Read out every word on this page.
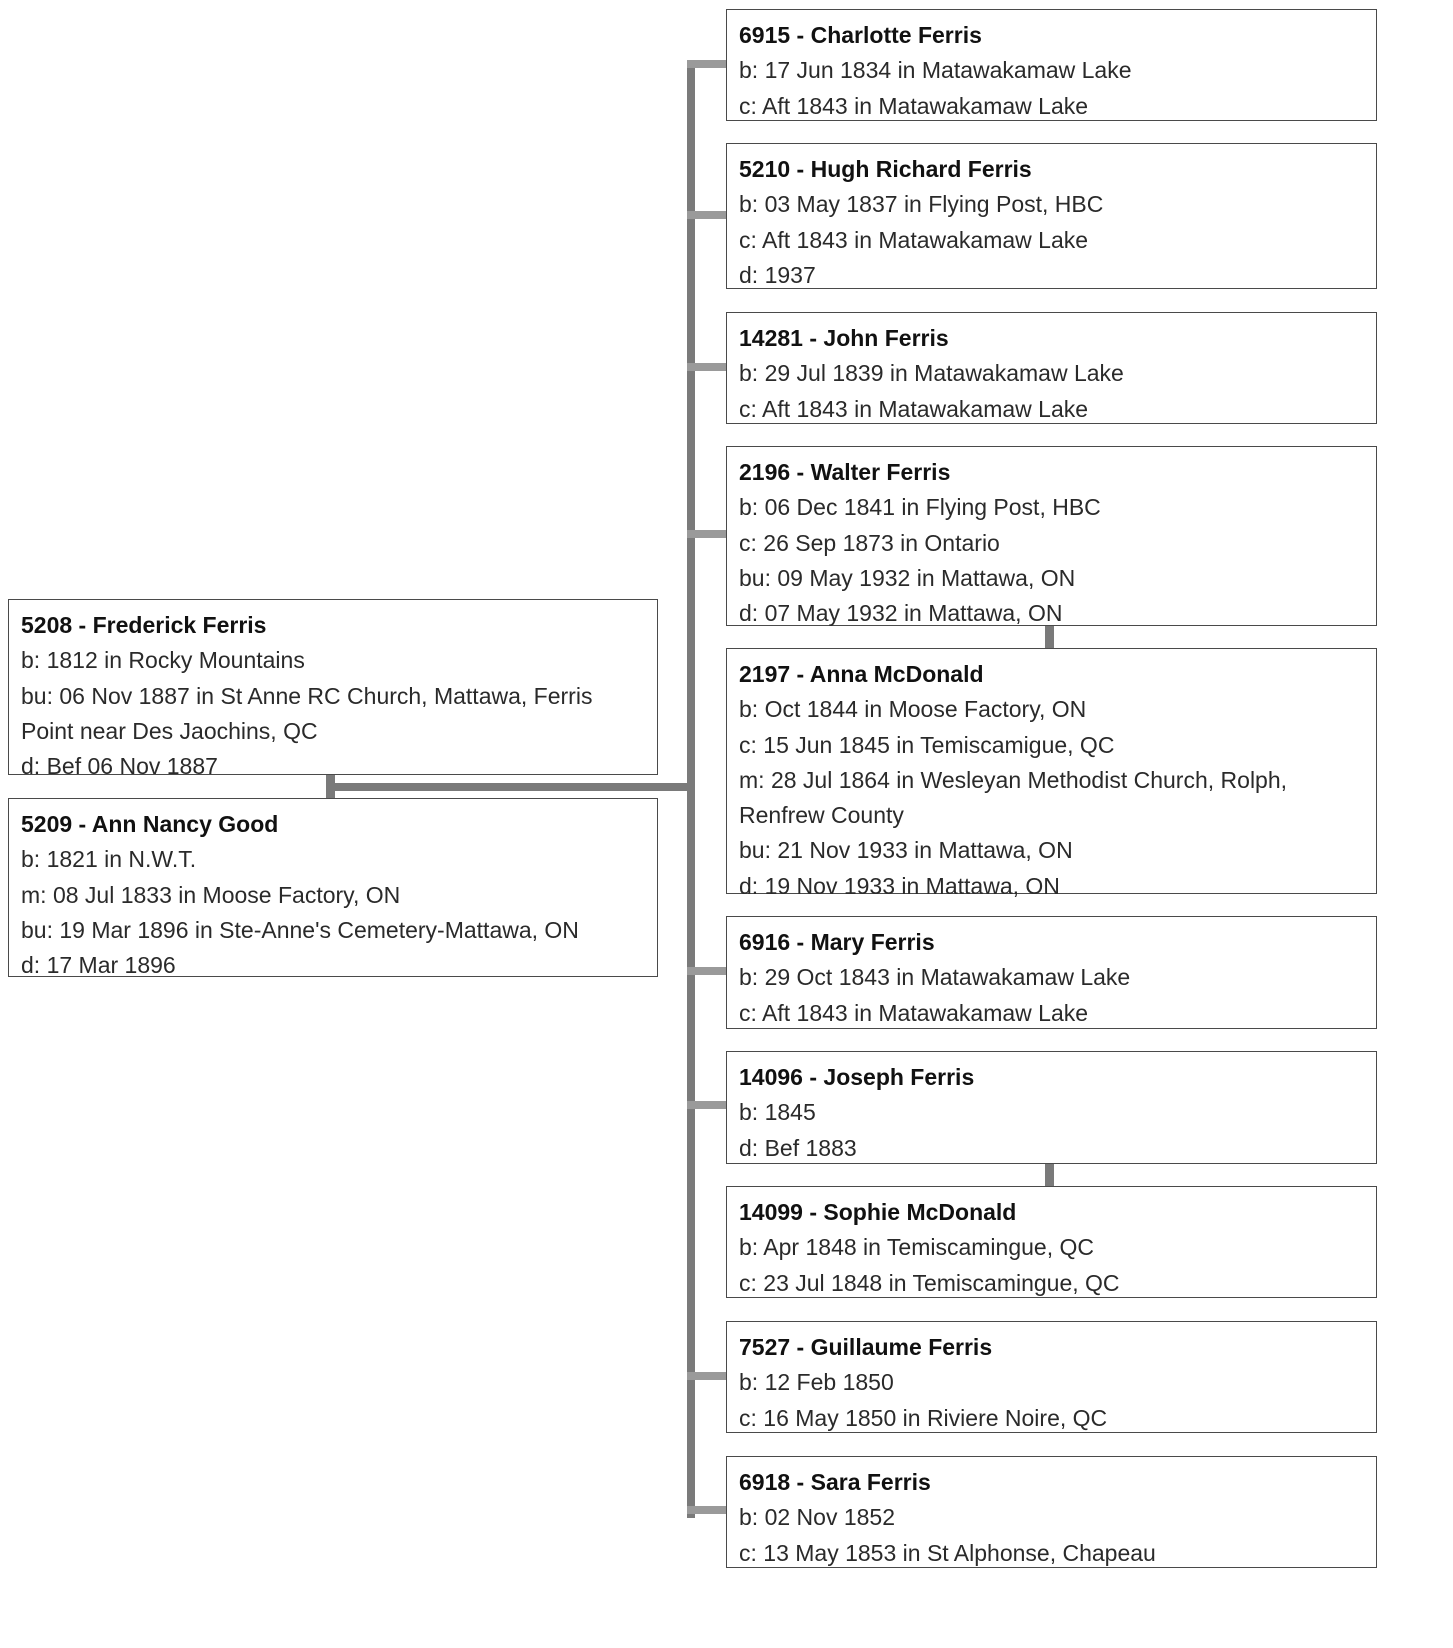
5208 - Frederick Ferris
b: 1812 in Rocky Mountains
bu: 06 Nov 1887 in St Anne RC Church, Mattawa, Ferris
Point near Des Jaochins, QC
d: Bef 06 Nov 1887
5209 - Ann Nancy Good
b: 1821 in N.W.T.
m: 08 Jul 1833 in Moose Factory, ON
bu: 19 Mar 1896 in Ste-Anne's Cemetery-Mattawa, ON
d: 17 Mar 1896
6915 - Charlotte Ferris
b: 17 Jun 1834 in Matawakamaw Lake
c: Aft 1843 in Matawakamaw Lake
5210 - Hugh Richard Ferris
b: 03 May 1837 in Flying Post, HBC
c: Aft 1843 in Matawakamaw Lake
d: 1937
14281 - John Ferris
b: 29 Jul 1839 in Matawakamaw Lake
c: Aft 1843 in Matawakamaw Lake
2196 - Walter Ferris
b: 06 Dec 1841 in Flying Post, HBC
c: 26 Sep 1873 in Ontario
bu: 09 May 1932 in Mattawa, ON
d: 07 May 1932 in Mattawa, ON
2197 - Anna McDonald
b: Oct 1844 in Moose Factory, ON
c: 15 Jun 1845 in Temiscamigue, QC
m: 28 Jul 1864 in Wesleyan Methodist Church, Rolph,
Renfrew County
bu: 21 Nov 1933 in Mattawa, ON
d: 19 Nov 1933 in Mattawa, ON
6916 - Mary Ferris
b: 29 Oct 1843 in Matawakamaw Lake
c: Aft 1843 in Matawakamaw Lake
14096 - Joseph Ferris
b: 1845
d: Bef 1883
14099 - Sophie McDonald
b: Apr 1848 in Temiscamingue, QC
c: 23 Jul 1848 in Temiscamingue, QC
7527 - Guillaume Ferris
b: 12 Feb 1850
c: 16 May 1850 in Riviere Noire, QC
6918 - Sara Ferris
b: 02 Nov 1852
c: 13 May 1853 in St Alphonse, Chapeau
